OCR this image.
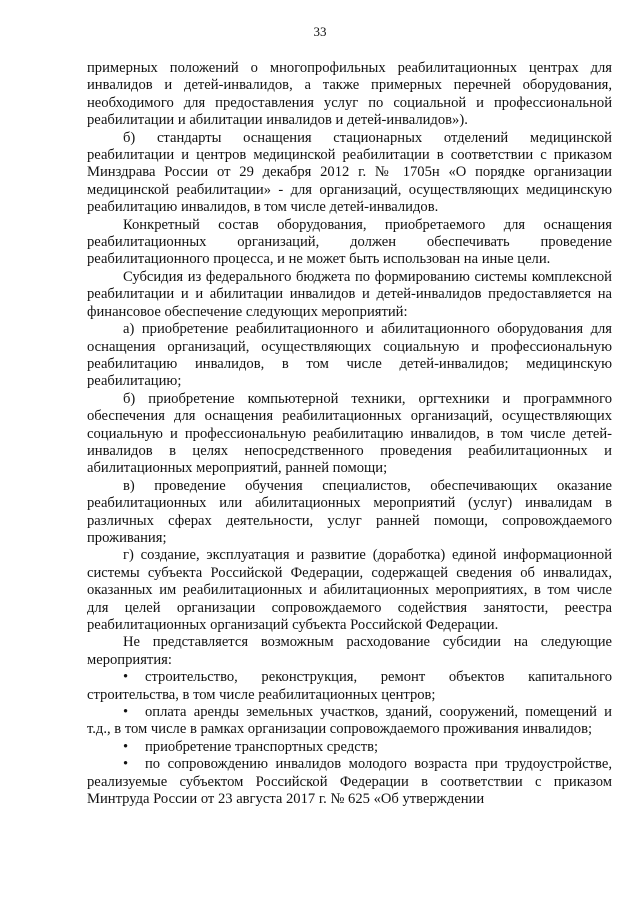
33

примерных положений о многопрофильных реабилитационных центрах для инвалидов и детей-инвалидов, а также примерных перечней оборудования, необходимого для предоставления услуг по социальной и профессиональной реабилитации и абилитации инвалидов и детей-инвалидов»).

б) стандарты оснащения стационарных отделений медицинской реабилитации и центров медицинской реабилитации в соответствии с приказом Минздрава России от 29 декабря 2012 г. № 1705н «О порядке организации медицинской реабилитации» - для организаций, осуществляющих медицинскую реабилитацию инвалидов, в том числе детей-инвалидов.

Конкретный состав оборудования, приобретаемого для оснащения реабилитационных организаций, должен обеспечивать проведение реабилитационного процесса, и не может быть использован на иные цели.

Субсидия из федерального бюджета по формированию системы комплексной реабилитации и и абилитации инвалидов и детей-инвалидов предоставляется на финансовое обеспечение следующих мероприятий:

а) приобретение реабилитационного и абилитационного оборудования для оснащения организаций, осуществляющих социальную и профессиональную реабилитацию инвалидов, в том числе детей-инвалидов; медицинскую реабилитацию;

б) приобретение компьютерной техники, оргтехники и программного обеспечения для оснащения реабилитационных организаций, осуществляющих социальную и профессиональную реабилитацию инвалидов, в том числе детей-инвалидов в целях непосредственного проведения реабилитационных и абилитационных мероприятий, ранней помощи;

в) проведение обучения специалистов, обеспечивающих оказание реабилитационных или абилитационных мероприятий (услуг) инвалидам в различных сферах деятельности, услуг ранней помощи, сопровождаемого проживания;

г) создание, эксплуатация и развитие (доработка) единой информационной системы субъекта Российской Федерации, содержащей сведения об инвалидах, оказанных им реабилитационных и абилитационных мероприятиях, в том числе для целей организации сопровождаемого содействия занятости, реестра реабилитационных организаций субъекта Российской Федерации.

Не представляется возможным расходование субсидии на следующие мероприятия:

• строительство, реконструкция, ремонт объектов капитального строительства, в том числе реабилитационных центров;

• оплата аренды земельных участков, зданий, сооружений, помещений и т.д., в том числе в рамках организации сопровождаемого проживания инвалидов;

• приобретение транспортных средств;

• по сопровождению инвалидов молодого возраста при трудоустройстве, реализуемые субъектом Российской Федерации в соответствии с приказом Минтруда России от 23 августа 2017 г. № 625 «Об утверждении
